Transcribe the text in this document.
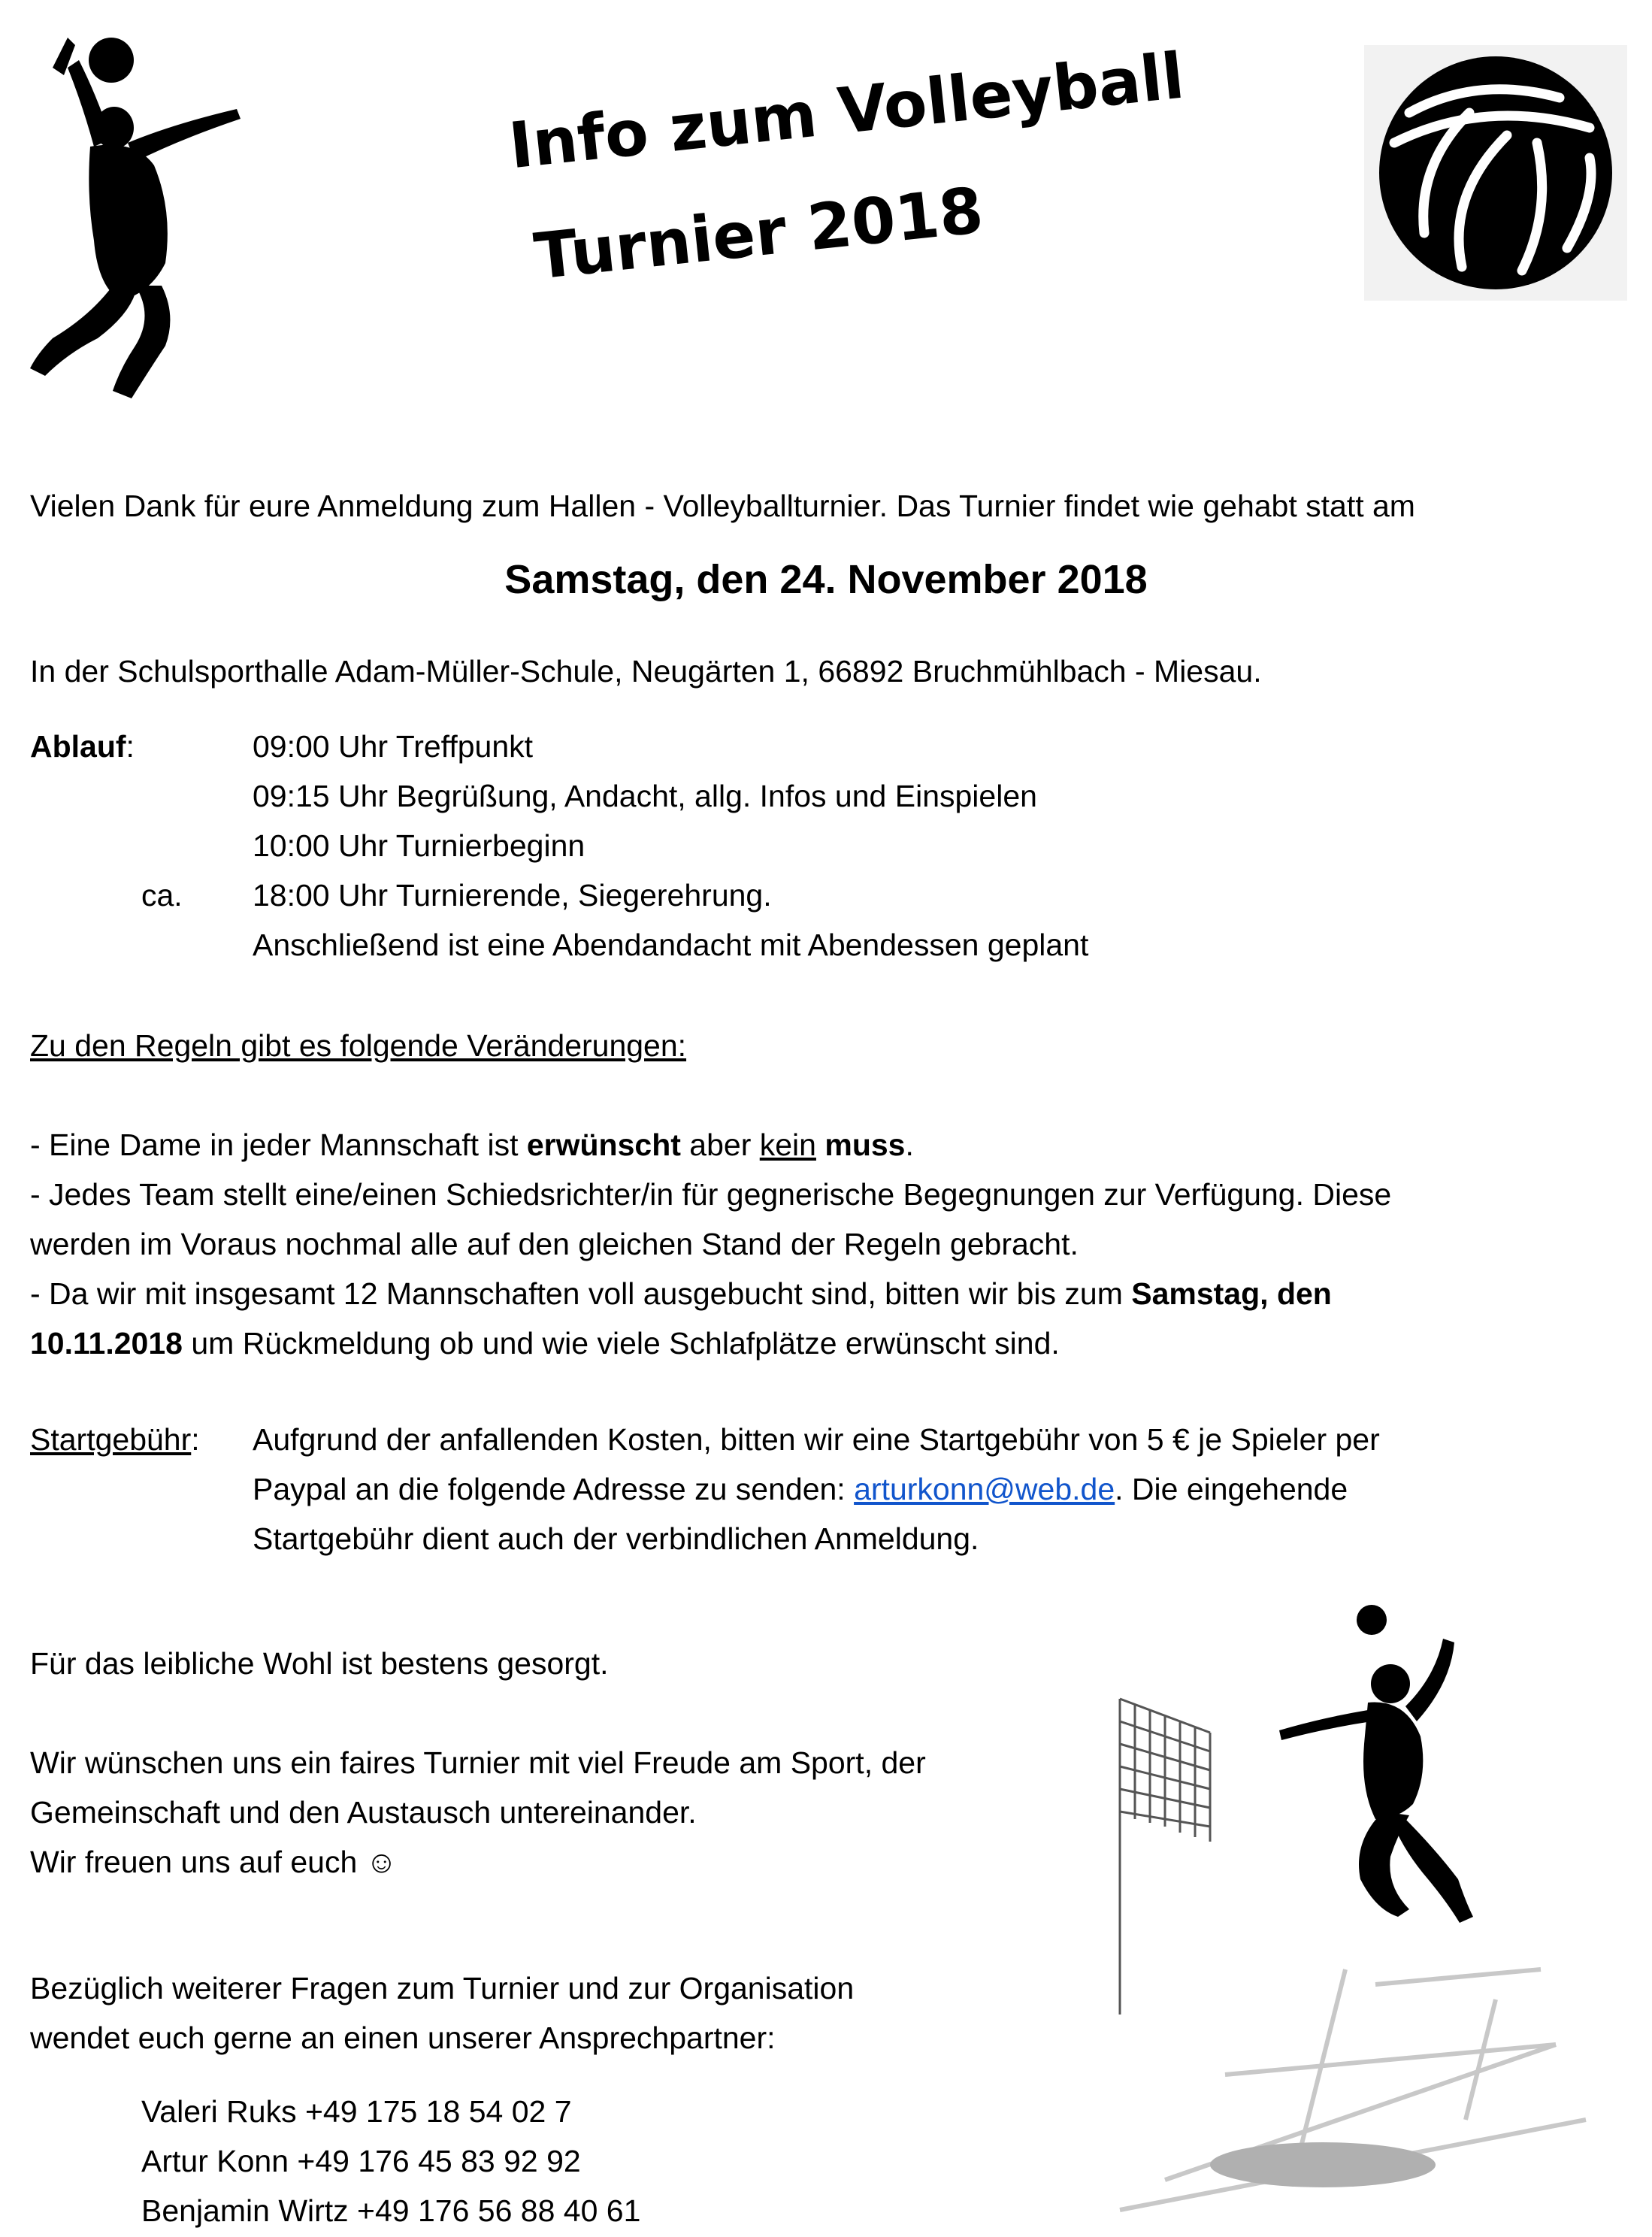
Info zum Volleyball
Turnier 2018
Vielen Dank für eure Anmeldung zum Hallen - Volleyballturnier. Das Turnier findet wie gehabt statt am
Samstag, den 24. November 2018
In der Schulsporthalle Adam-Müller-Schule, Neugärten 1, 66892 Bruchmühlbach - Miesau.
Ablauf:
ca.
09:00 Uhr Treffpunkt
09:15 Uhr Begrüßung, Andacht, allg. Infos und Einspielen
10:00 Uhr Turnierbeginn
18:00 Uhr Turnierende, Siegerehrung.
Anschließend ist eine Abendandacht mit Abendessen geplant
Zu den Regeln gibt es folgende Veränderungen:
- Eine Dame in jeder Mannschaft ist erwünscht aber kein muss.
- Jedes Team stellt eine/einen Schiedsrichter/in für gegnerische Begegnungen zur Verfügung. Diese
werden im Voraus nochmal alle auf den gleichen Stand der Regeln gebracht.
- Da wir mit insgesamt 12 Mannschaften voll ausgebucht sind, bitten wir bis zum Samstag, den
10.11.2018 um Rückmeldung ob und wie viele Schlafplätze erwünscht sind.
Startgebühr: Aufgrund der anfallenden Kosten, bitten wir eine Startgebühr von 5 € je Spieler per
Paypal an die folgende Adresse zu senden: arturkonn@web.de. Die eingehende
Startgebühr dient auch der verbindlichen Anmeldung.
Für das leibliche Wohl ist bestens gesorgt.
Wir wünschen uns ein faires Turnier mit viel Freude am Sport, der
Gemeinschaft und den Austausch untereinander.
Wir freuen uns auf euch ☺
Bezüglich weiterer Fragen zum Turnier und zur Organisation
wendet euch gerne an einen unserer Ansprechpartner:
Valeri Ruks +49 175 18 54 02 7
Artur Konn +49 176 45 83 92 92
Benjamin Wirtz +49 176 56 88 40 61
